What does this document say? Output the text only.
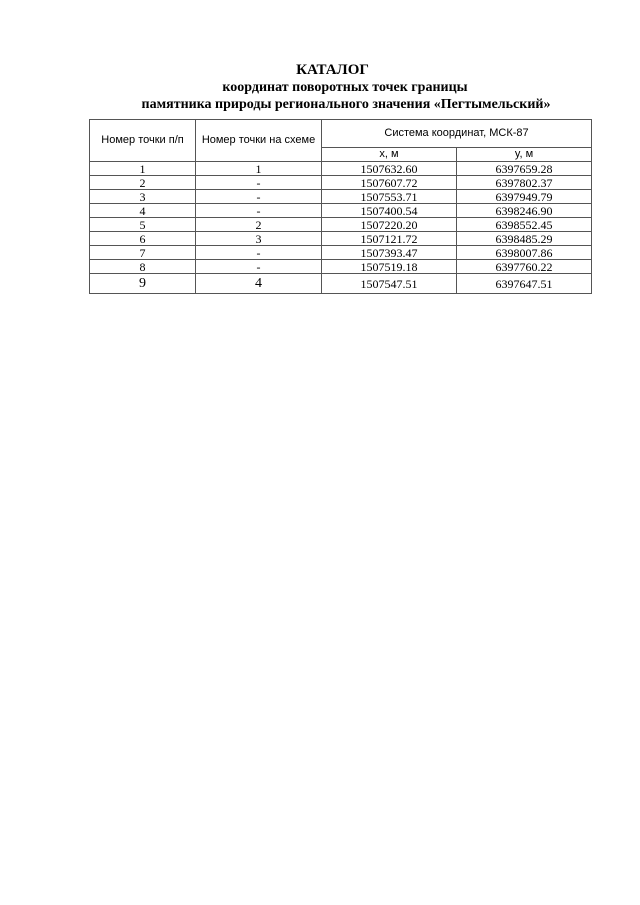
КАТАЛОГ
координат поворотных точек границы
памятника природы регионального значения «Пегтымельский»
Номер точки п/п	Номер точки на схеме	Система координат, МСК-87	
		x, м	y, м
1	1	1507632.60	6397659.28
2	-	1507607.72	6397802.37
3	-	1507553.71	6397949.79
4	-	1507400.54	6398246.90
5	2	1507220.20	6398552.45
6	3	1507121.72	6398485.29
7	-	1507393.47	6398007.86
8	-	1507519.18	6397760.22
9	4	1507547.51	6397647.51
